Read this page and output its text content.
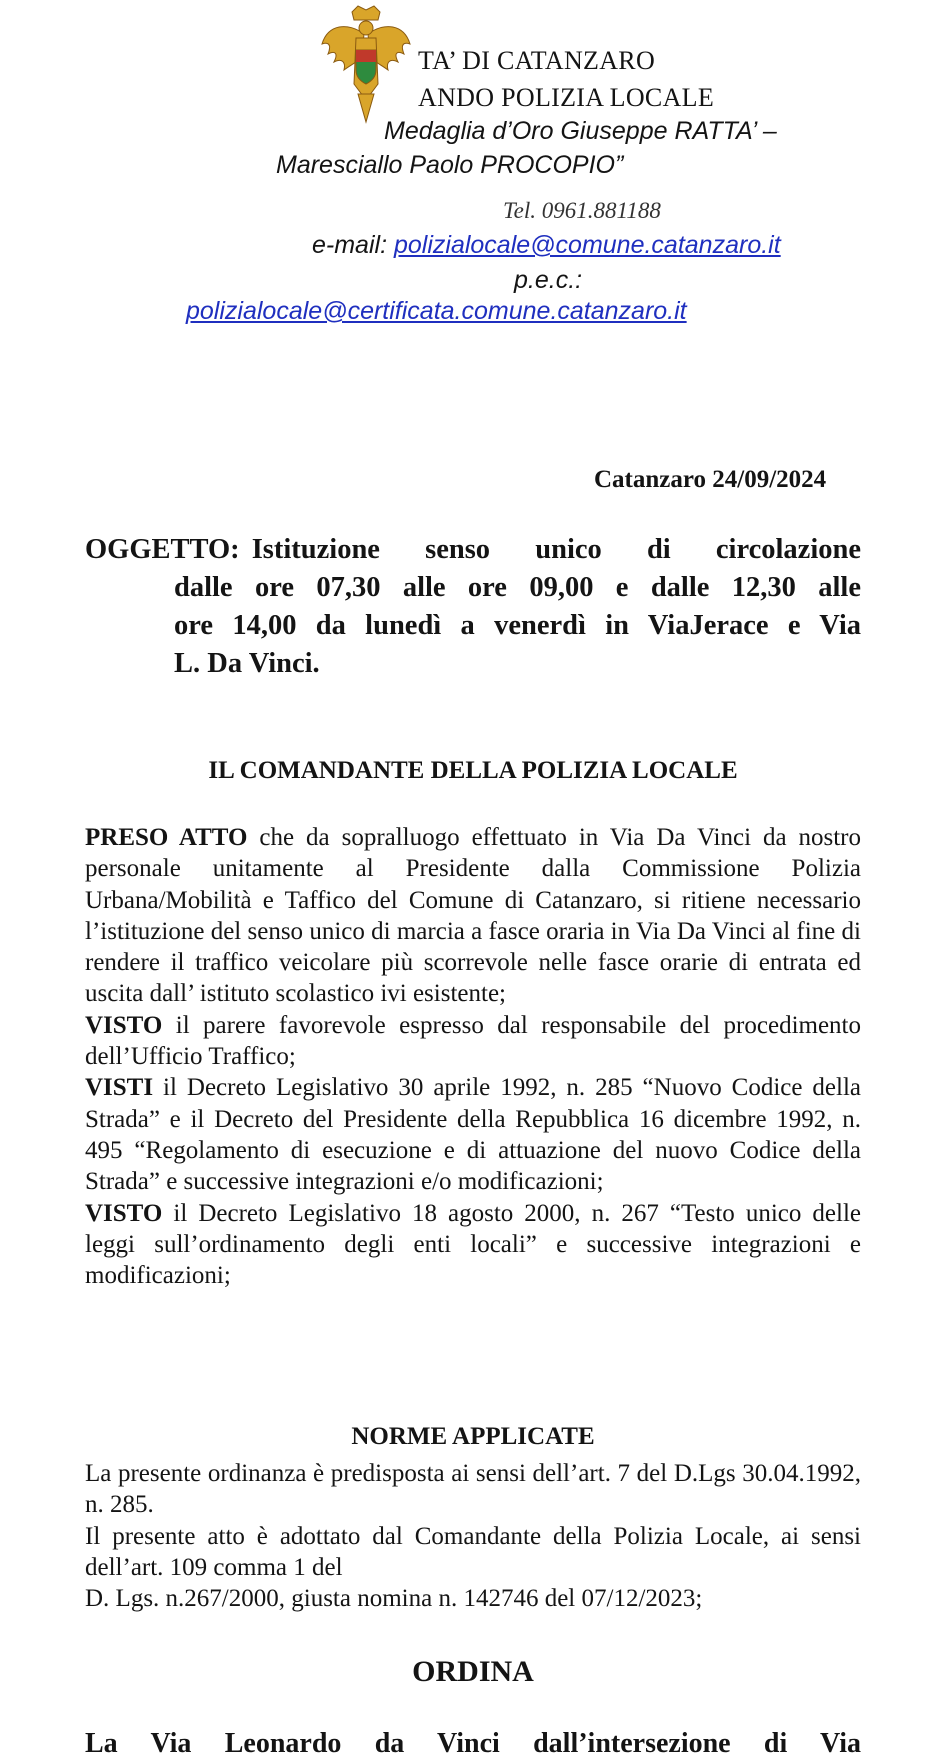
TA’ DI CATANZARO
ANDO POLIZIA LOCALE
Medaglia d’Oro Giuseppe RATTA’ –
Maresciallo Paolo PROCOPIO”
Tel. 0961.881188
e-mail: polizialocale@comune.catanzaro.it
p.e.c.:
polizialocale@certificata.comune.catanzaro.it
Catanzaro 24/09/2024
OGGETTO: Istituzione senso unico di circolazione
dalle ore 07,30 alle ore 09,00 e dalle 12,30 alle
ore 14,00 da lunedì a venerdì in ViaJerace e Via
L. Da Vinci.
IL COMANDANTE DELLA POLIZIA LOCALE

PRESO ATTO che da sopralluogo effettuato in Via Da Vinci da nostro personale unitamente al Presidente dalla Commissione Polizia Urbana/Mobilità e Taffico del Comune di Catanzaro, si ritiene necessario l’istituzione del senso unico di marcia a fasce oraria in Via Da Vinci al fine di rendere il traffico veicolare più scorrevole nelle fasce orarie di entrata ed uscita dall’ istituto scolastico ivi esistente;

VISTO il parere favorevole espresso dal responsabile del procedimento dell’Ufficio Traffico;

VISTI il Decreto Legislativo 30 aprile 1992, n. 285 “Nuovo Codice della Strada” e il Decreto del Presidente della Repubblica 16 dicembre 1992, n. 495 “Regolamento di esecuzione e di attuazione del nuovo Codice della Strada” e successive integrazioni e/o modificazioni;

VISTO il Decreto Legislativo 18 agosto 2000, n. 267 “Testo unico delle leggi sull’ordinamento degli enti locali” e successive integrazioni e modificazioni;

NORME APPLICATE

La presente ordinanza è predisposta ai sensi dell’art. 7 del D.Lgs 30.04.1992, n. 285.

Il presente atto è adottato dal Comandante della Polizia Locale, ai sensi dell’art. 109 comma 1 del

D. Lgs. n.267/2000, giusta nomina n. 142746 del 07/12/2023;

ORDINA
La Via Leonardo da Vinci dall’intersezione di Via
